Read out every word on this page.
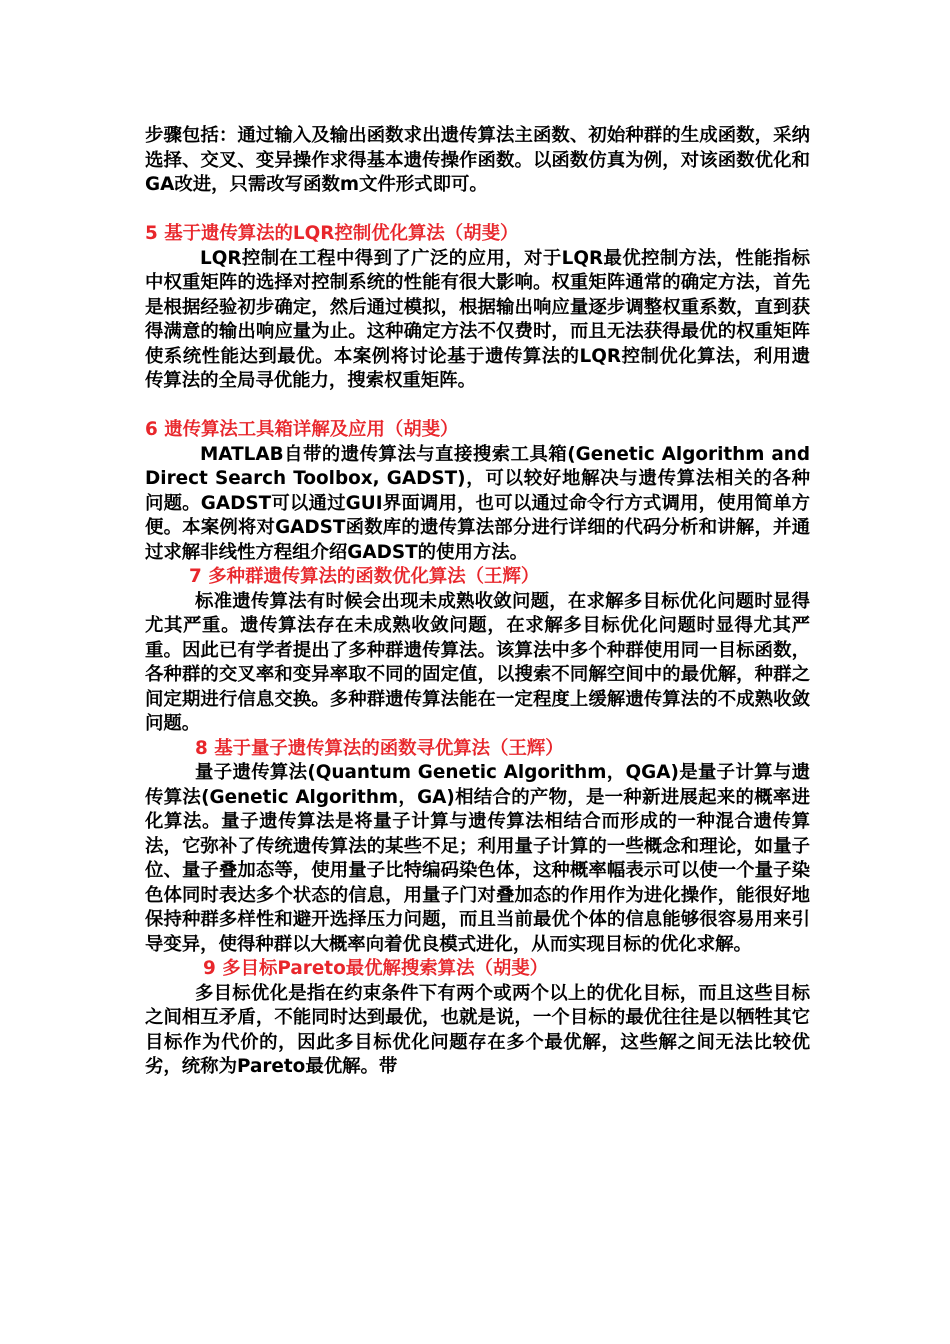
步骤包括：通过输入及输出函数求出遗传算法主函数、初始种群的生成函数，采纳选择、交叉、变异操作求得基本遗传操作函数。以函数仿真为例，对该函数优化和GA改进，只需改写函数m文件形式即可。

5 基于遗传算法的LQR控制优化算法（胡斐）

LQR控制在工程中得到了广泛的应用，对于LQR最优控制方法，性能指标中权重矩阵的选择对控制系统的性能有很大影响。权重矩阵通常的确定方法，首先是根据经验初步确定，然后通过模拟，根据输出响应量逐步调整权重系数，直到获得满意的输出响应量为止。这种确定方法不仅费时，而且无法获得最优的权重矩阵使系统性能达到最优。本案例将讨论基于遗传算法的LQR控制优化算法，利用遗传算法的全局寻优能力，搜索权重矩阵。

6 遗传算法工具箱详解及应用（胡斐）

MATLAB自带的遗传算法与直接搜索工具箱(Genetic Algorithm and Direct Search Toolbox, GADST)，可以较好地解决与遗传算法相关的各种问题。GADST可以通过GUI界面调用，也可以通过命令行方式调用，使用简单方便。本案例将对GADST函数库的遗传算法部分进行详细的代码分析和讲解，并通过求解非线性方程组介绍GADST的使用方法。

7 多种群遗传算法的函数优化算法（王辉）

标准遗传算法有时候会出现未成熟收敛问题，在求解多目标优化问题时显得尤其严重。遗传算法存在未成熟收敛问题，在求解多目标优化问题时显得尤其严重。因此已有学者提出了多种群遗传算法。该算法中多个种群使用同一目标函数，各种群的交叉率和变异率取不同的固定值，以搜索不同解空间中的最优解，种群之间定期进行信息交换。多种群遗传算法能在一定程度上缓解遗传算法的不成熟收敛问题。

8 基于量子遗传算法的函数寻优算法（王辉）

量子遗传算法(Quantum Genetic Algorithm，QGA)是量子计算与遗传算法(Genetic Algorithm，GA)相结合的产物，是一种新进展起来的概率进化算法。量子遗传算法是将量子计算与遗传算法相结合而形成的一种混合遗传算法，它弥补了传统遗传算法的某些不足；利用量子计算的一些概念和理论，如量子位、量子叠加态等，使用量子比特编码染色体，这种概率幅表示可以使一个量子染色体同时表达多个状态的信息，用量子门对叠加态的作用作为进化操作，能很好地保持种群多样性和避开选择压力问题，而且当前最优个体的信息能够很容易用来引导变异，使得种群以大概率向着优良模式进化，从而实现目标的优化求解。

9 多目标Pareto最优解搜索算法（胡斐）

多目标优化是指在约束条件下有两个或两个以上的优化目标，而且这些目标之间相互矛盾，不能同时达到最优，也就是说，一个目标的最优往往是以牺牲其它目标作为代价的，因此多目标优化问题存在多个最优解，这些解之间无法比较优劣，统称为Pareto最优解。带
